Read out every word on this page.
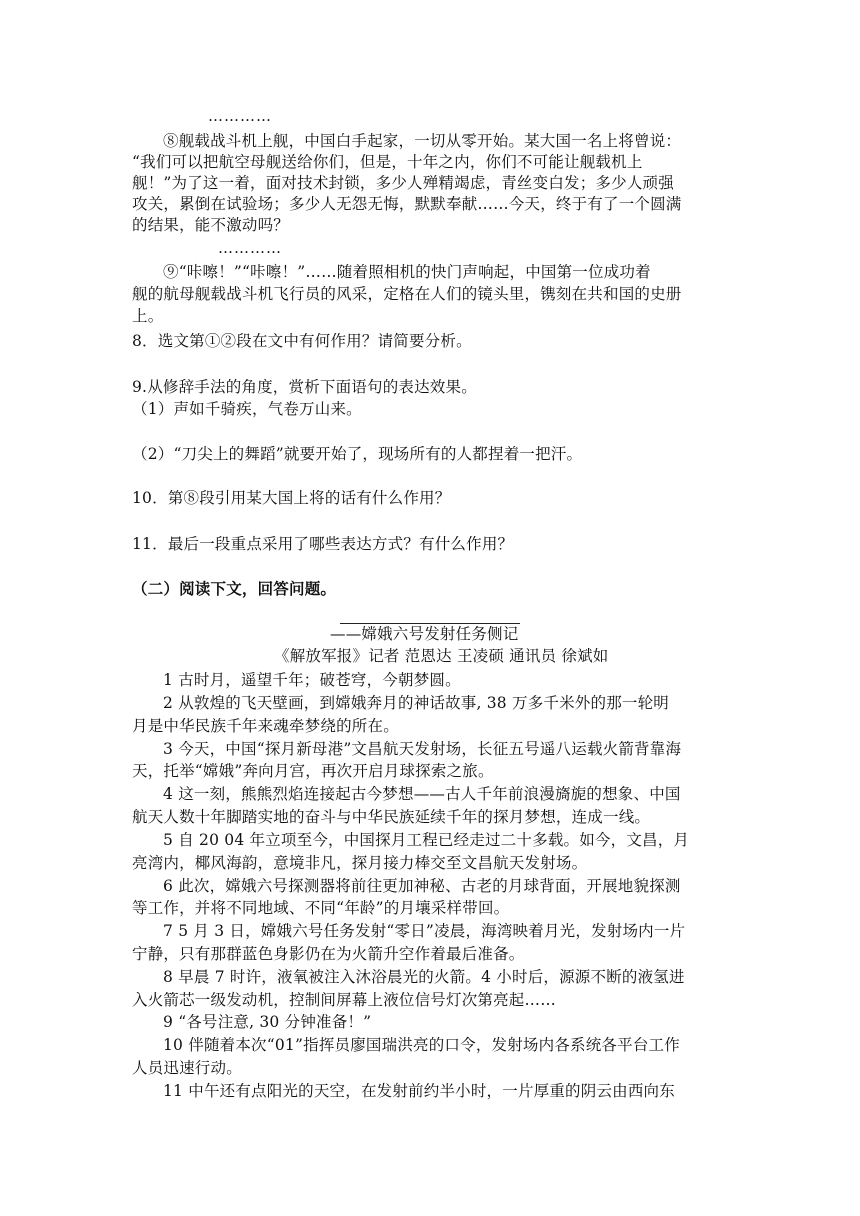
…………
⑧舰载战斗机上舰，中国白手起家，一切从零开始。某大国一名上将曾说：
“我们可以把航空母舰送给你们，但是，十年之内，你们不可能让舰载机上
舰！”为了这一着，面对技术封锁，多少人殚精竭虑，青丝变白发；多少人顽强
攻关，累倒在试验场；多少人无怨无悔，默默奉献……今天，终于有了一个圆满
的结果，能不激动吗？
…………
⑨“咔嚓！”“咔嚓！”……随着照相机的快门声响起，中国第一位成功着
舰的航母舰载战斗机飞行员的风采，定格在人们的镜头里，镌刻在共和国的史册
上。
8．选文第①②段在文中有何作用？请简要分析。
9.从修辞手法的角度，赏析下面语句的表达效果。
（1）声如千骑疾，气卷万山来。
（2）“刀尖上的舞蹈”就要开始了，现场所有的人都捏着一把汗。
10．第⑧段引用某大国上将的话有什么作用？
11．最后一段重点采用了哪些表达方式？有什么作用？
（二）阅读下文，回答问题。
——嫦娥六号发射任务侧记
《解放军报》记者 范恩达 王凌硕 通讯员 徐斌如
1 古时月，遥望千年；破苍穹，今朝梦圆。
2 从敦煌的飞天壁画，到嫦娥奔月的神话故事, 38 万多千米外的那一轮明
月是中华民族千年来魂牵梦绕的所在。
3 今天，中国“探月新母港”文昌航天发射场，长征五号遥八运载火箭背靠海
天，托举“嫦娥”奔向月宫，再次开启月球探索之旅。
4 这一刻，熊熊烈焰连接起古今梦想——古人千年前浪漫旖旎的想象、中国
航天人数十年脚踏实地的奋斗与中华民族延续千年的探月梦想，连成一线。
5 自 20 04 年立项至今，中国探月工程已经走过二十多载。如今，文昌，月
亮湾内，椰风海韵，意境非凡，探月接力棒交至文昌航天发射场。
6 此次，嫦娥六号探测器将前往更加神秘、古老的月球背面，开展地貌探测
等工作，并将不同地域、不同“年龄”的月壤采样带回。
7 5 月 3 日，嫦娥六号任务发射“零日”凌晨，海湾映着月光，发射场内一片
宁静，只有那群蓝色身影仍在为火箭升空作着最后准备。
8 早晨 7 时许，液氧被注入沐浴晨光的火箭。4 小时后，源源不断的液氢进
入火箭芯一级发动机，控制间屏幕上液位信号灯次第亮起……
9 “各号注意, 30 分钟准备！”
10 伴随着本次“01”指挥员廖国瑞洪亮的口令，发射场内各系统各平台工作
人员迅速行动。
11 中午还有点阳光的天空，在发射前约半小时，一片厚重的阴云由西向东
